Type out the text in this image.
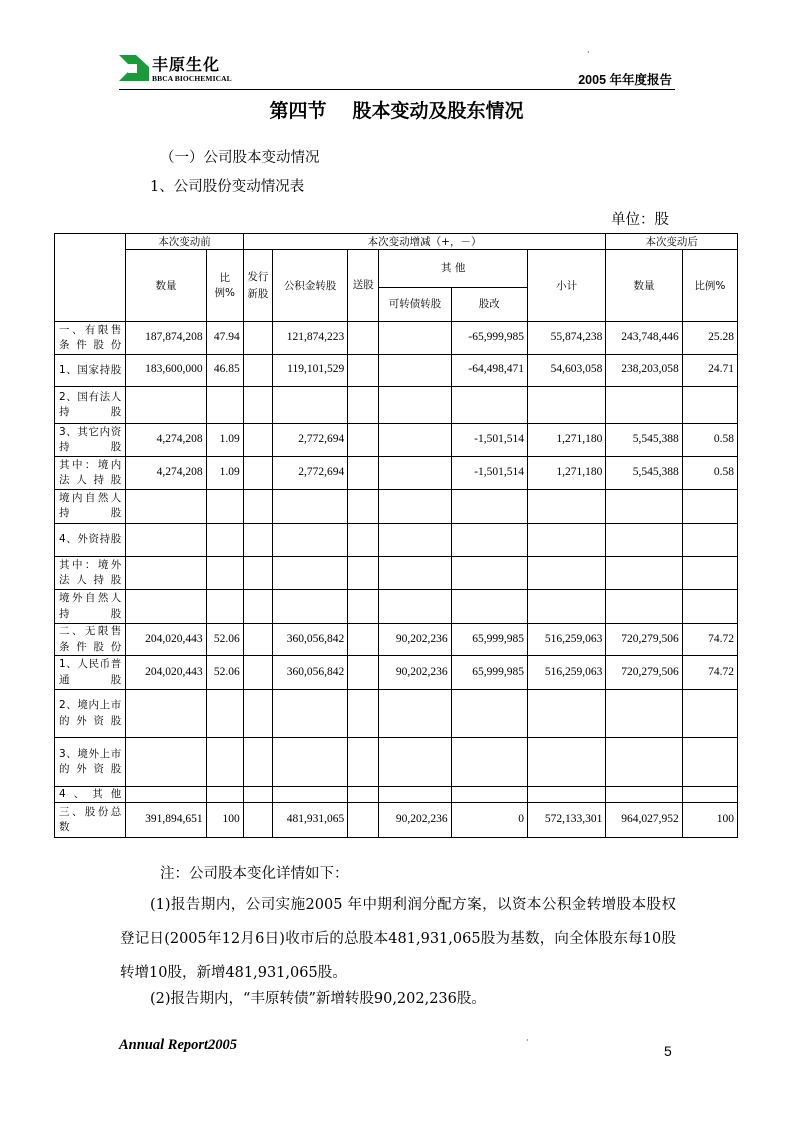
丰原生化
BBCA BIOCHEMICAL
·
2005 年年度报告
第四节 股本变动及股东情况
（一）公司股本变动情况
1、公司股份变动情况表
单位：股
	本次变动前		本次变动增减（+，－）						本次变动后	
	数量	比例%	发行新股	公积金转股	送股	其 他		小计	数量	比例%
						可转债转股	股改			
一、有限售条件股份	187,874,208	47.94		121,874,223			-65,999,985	55,874,238	243,748,446	25.28
1、国家持股	183,600,000	46.85		119,101,529			-64,498,471	54,603,058	238,203,058	24.71
2、国有法人持股										
3、其它内资持股	4,274,208	1.09		2,772,694			-1,501,514	1,271,180	5,545,388	0.58
其中：境内法人持股	4,274,208	1.09		2,772,694			-1,501,514	1,271,180	5,545,388	0.58
境内自然人持股										
4、外资持股										
其中：境外法人持股										
境外自然人持股										
二、无限售条件股份	204,020,443	52.06		360,056,842		90,202,236	65,999,985	516,259,063	720,279,506	74.72
1、人民币普通股	204,020,443	52.06		360,056,842		90,202,236	65,999,985	516,259,063	720,279,506	74.72
2、境内上市的外资股										
3、境外上市的外资股										
4、其他										
三、股份总数	391,894,651	100		481,931,065		90,202,236	0	572,133,301	964,027,952	100
注：公司股本变化详情如下：
(1)报告期内，公司实施2005 年中期利润分配方案，以资本公积金转增股本股权登记日(2005年12月6日)收市后的总股本481,931,065股为基数，向全体股东每10股转增10股，新增481,931,065股。
(2)报告期内，“丰原转债”新增转股90,202,236股。
Annual Report2005	·
5
